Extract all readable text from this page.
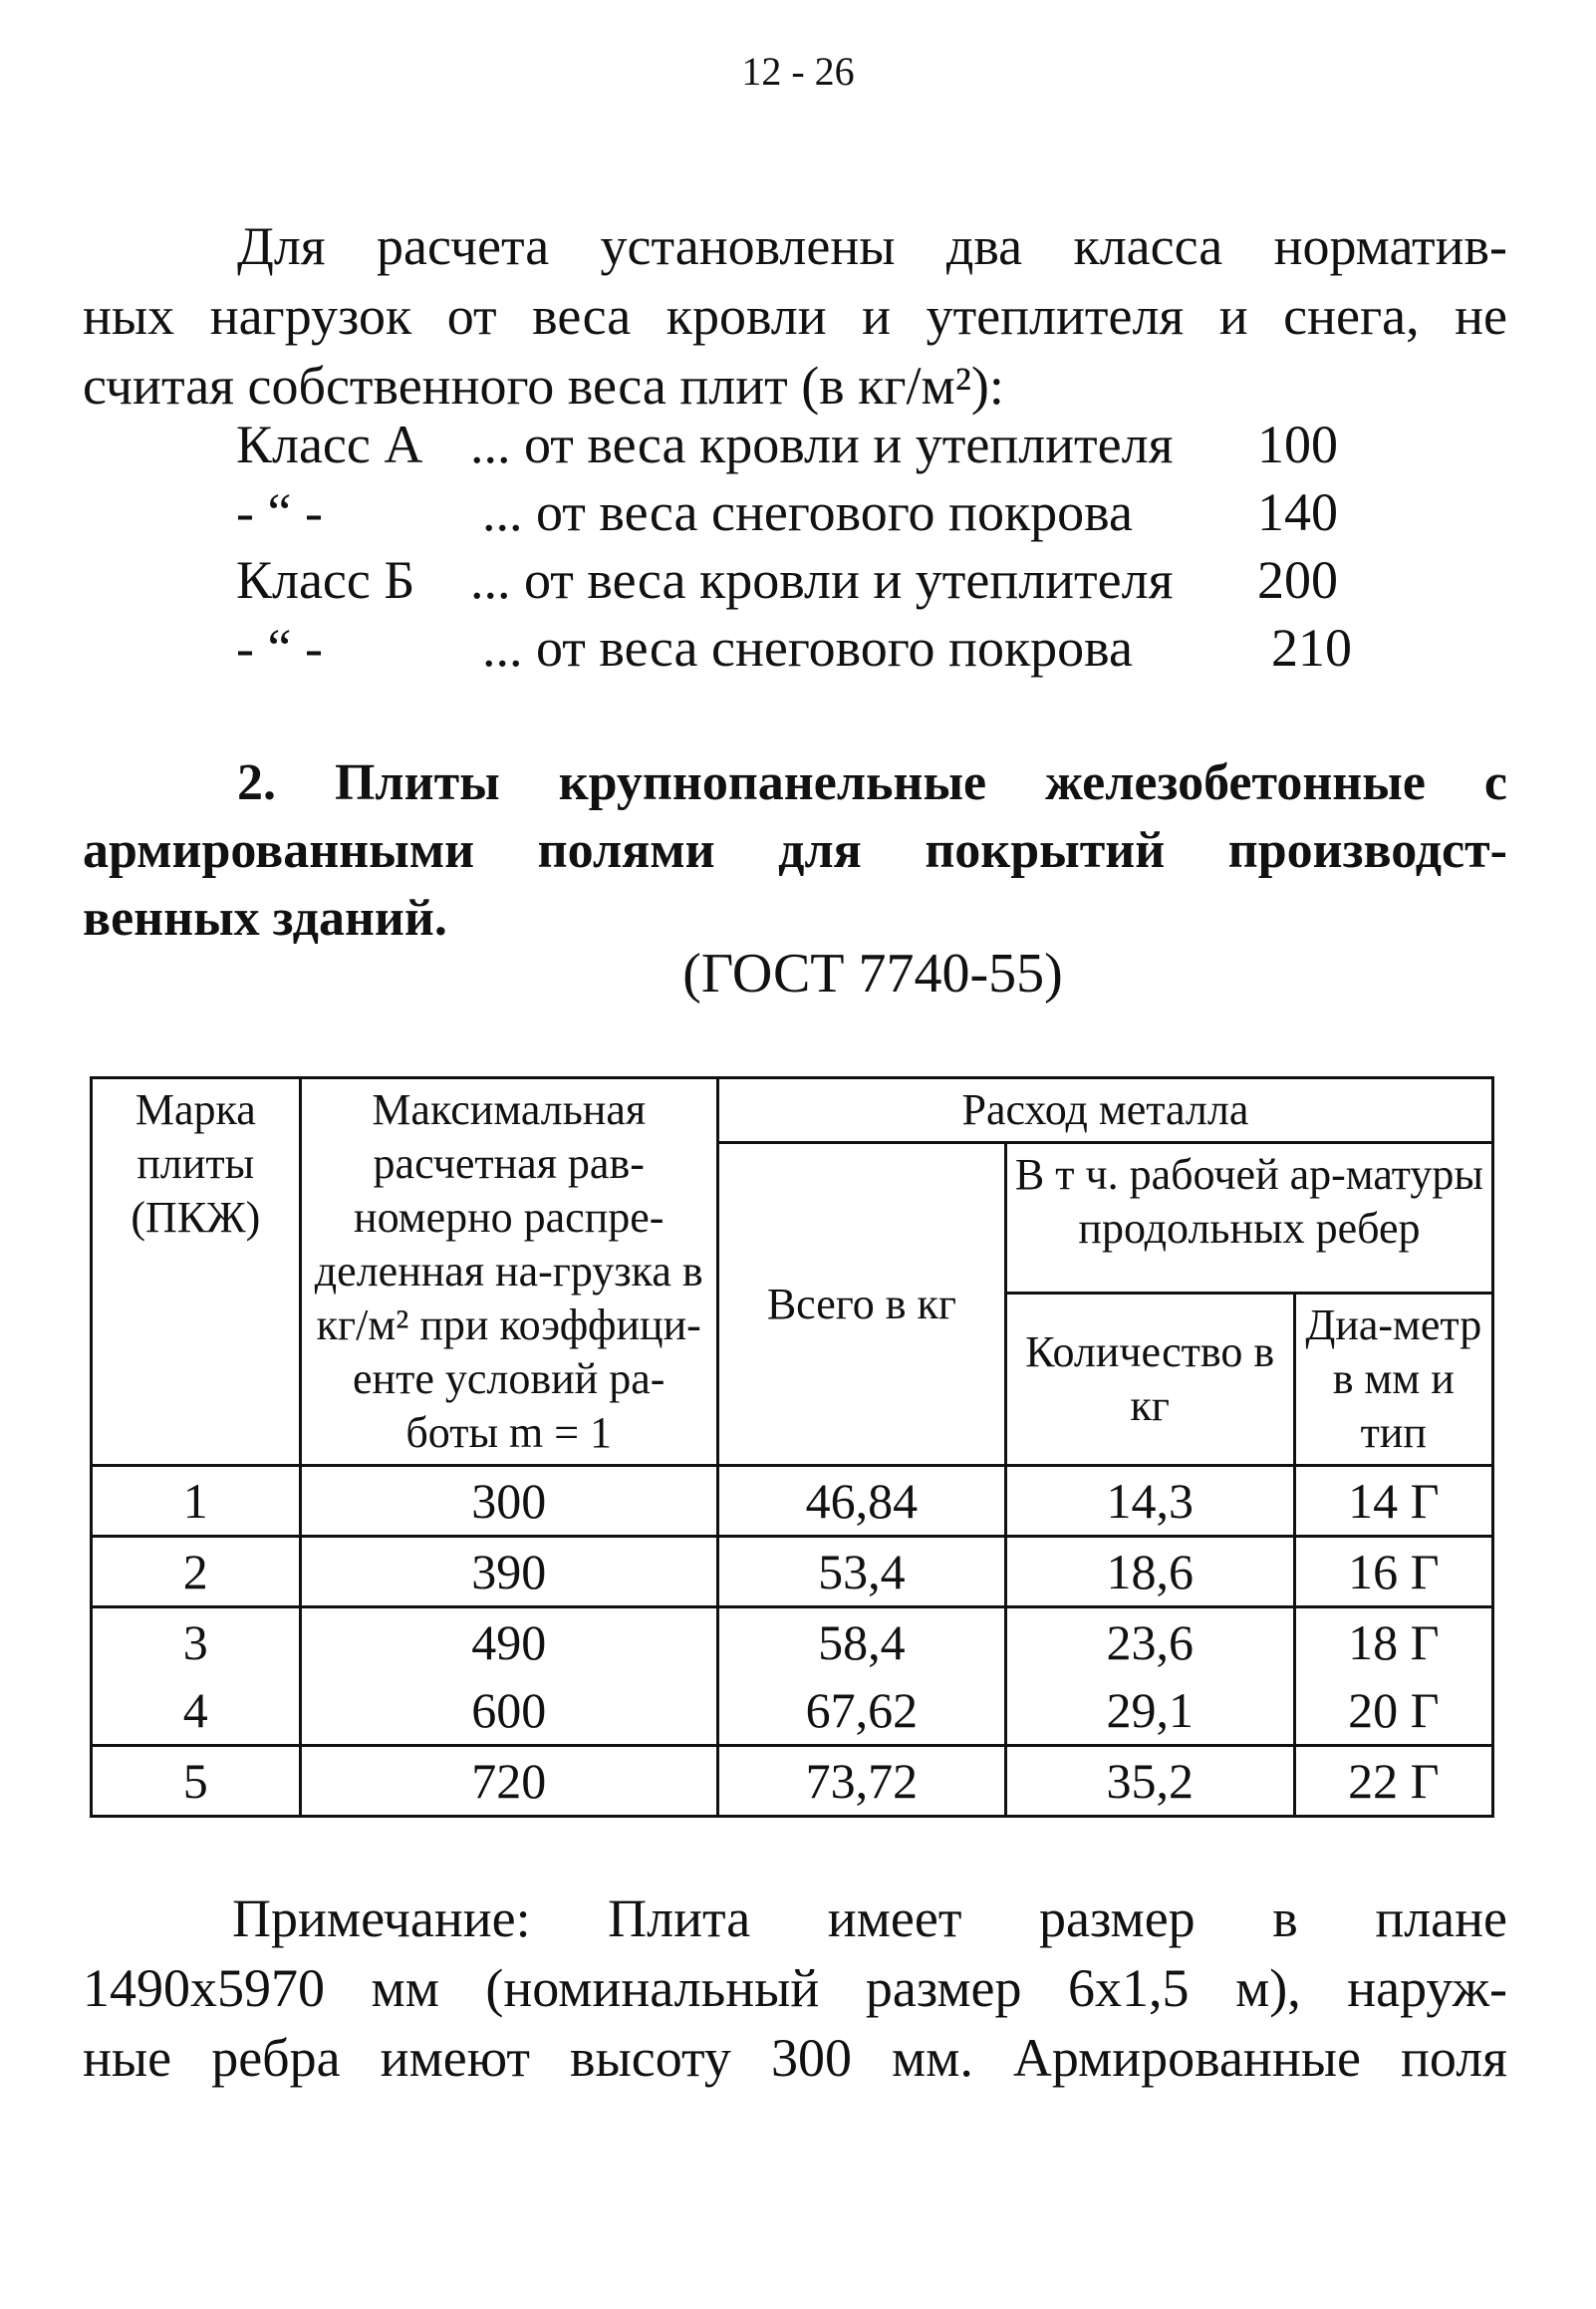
12 - 26
Для расчета установлены два класса норматив-
ных нагрузок от веса кровли и утеплителя и снега, не
считая собственного веса плит (в кг/м²):
Класс А ... от веса кровли и утеплителя	100
- “ -	... от веса снегового покрова	140
Класс Б	... от веса кровли и утеплителя	200
- “ -	... от веса снегового покрова	210
2. Плиты крупнопанельные железобетонные с
армированными полями для покрытий производст-
венных зданий.
(ГОСТ 7740-55)
Марка плиты (ПКЖ)	Максимальная расчетная рав-номерно распре-деленная на-грузка в кг/м² при коэффици-енте условий ра-боты m = 1	Расход металла		
		Всего в кг	В т ч. рабочей ар-матуры продольных ребер	
			Количество в кг	Диа-метр в мм и тип
1	300	46,84	14,3	14 Г
2	390	53,4	18,6	16 Г
3	490	58,4	23,6	18 Г
4	600	67,62	29,1	20 Г
5	720	73,72	35,2	22 Г
Примечание: Плита имеет размер в плане
1490х5970 мм (номинальный размер 6х1,5 м), наруж-
ные ребра имеют высоту 300 мм. Армированные поля
